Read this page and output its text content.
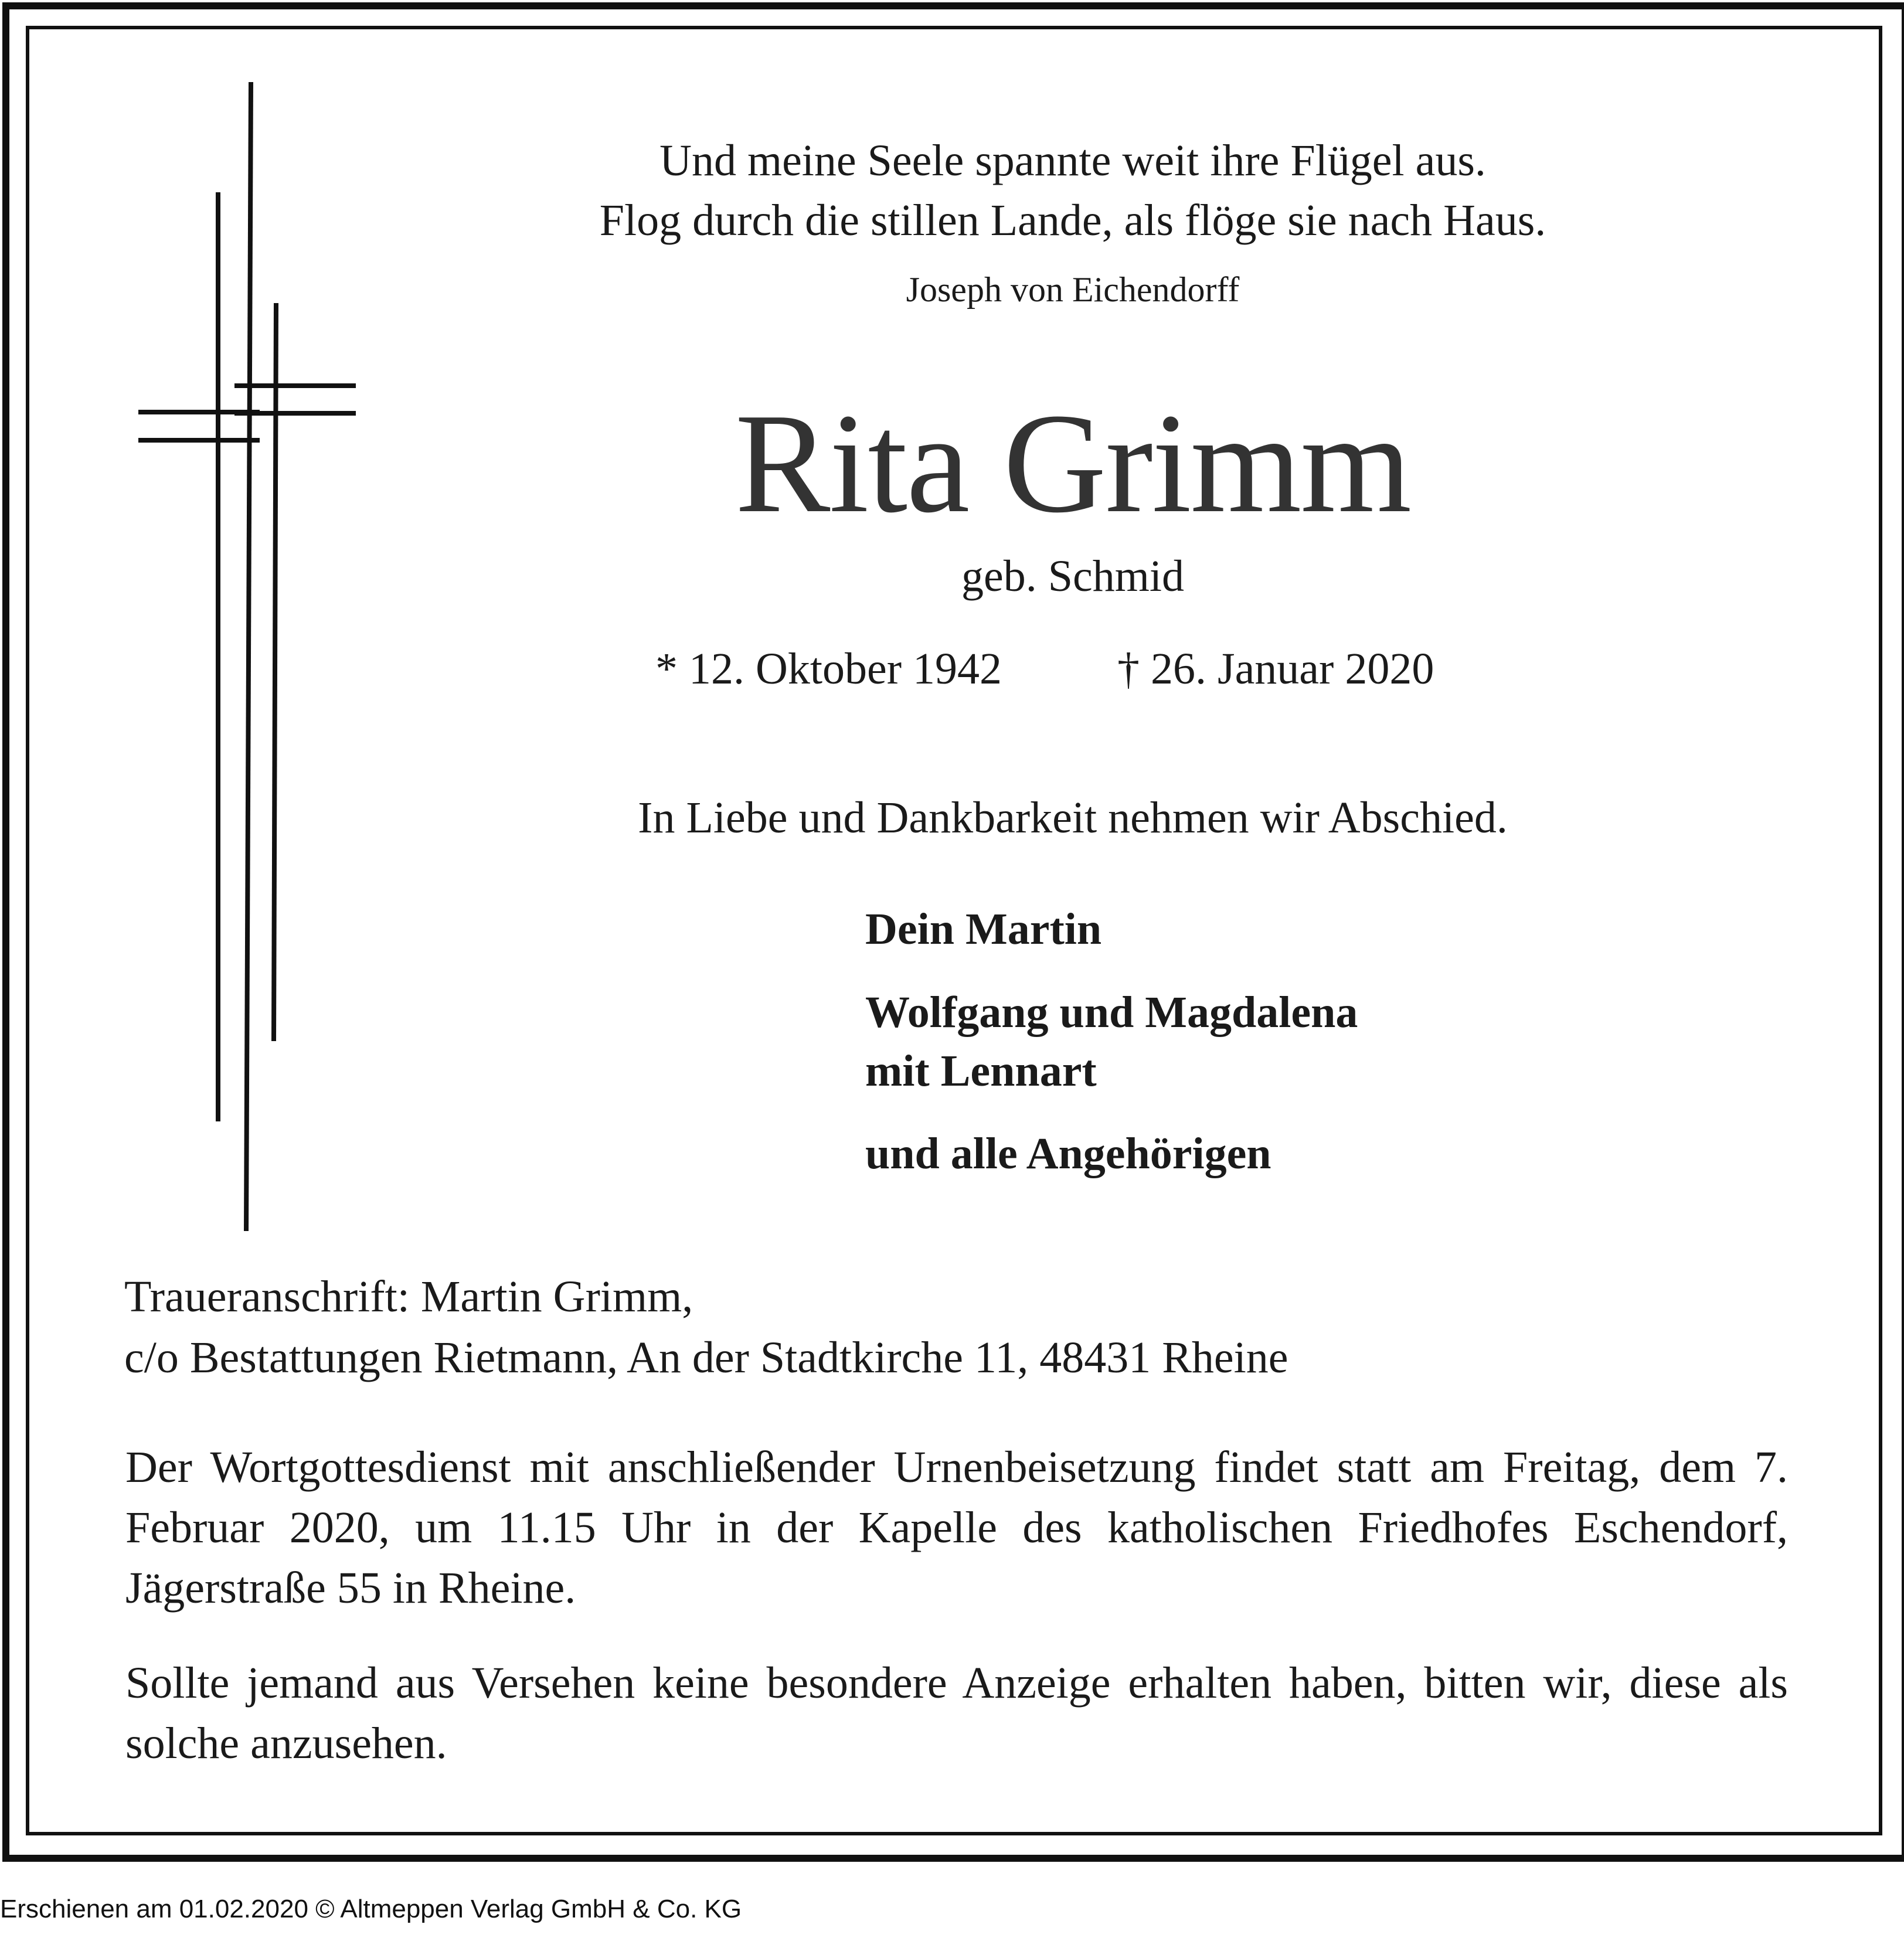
Und meine Seele spannte weit ihre Flügel aus.
Flog durch die stillen Lande, als flöge sie nach Haus.
Joseph von Eichendorff
Rita Grimm
geb. Schmid
* 12. Oktober 1942	† 26. Januar 2020
In Liebe und Dankbarkeit nehmen wir Abschied.
Dein Martin
Wolfgang und Magdalena
mit Lennart
und alle Angehörigen
Traueranschrift: Martin Grimm,
c/o Bestattungen Rietmann, An der Stadtkirche 11, 48431 Rheine

Der Wortgottesdienst mit anschließender Urnenbeisetzung findet statt am Freitag, dem 7. Februar 2020, um 11.15 Uhr in der Kapelle des katholischen Friedhofes Eschendorf, Jägerstraße 55 in Rheine.

Sollte jemand aus Versehen keine besondere Anzeige erhalten haben, bitten wir, diese als solche anzusehen.

Erschienen am 01.02.2020 © Altmeppen Verlag GmbH & Co. KG
